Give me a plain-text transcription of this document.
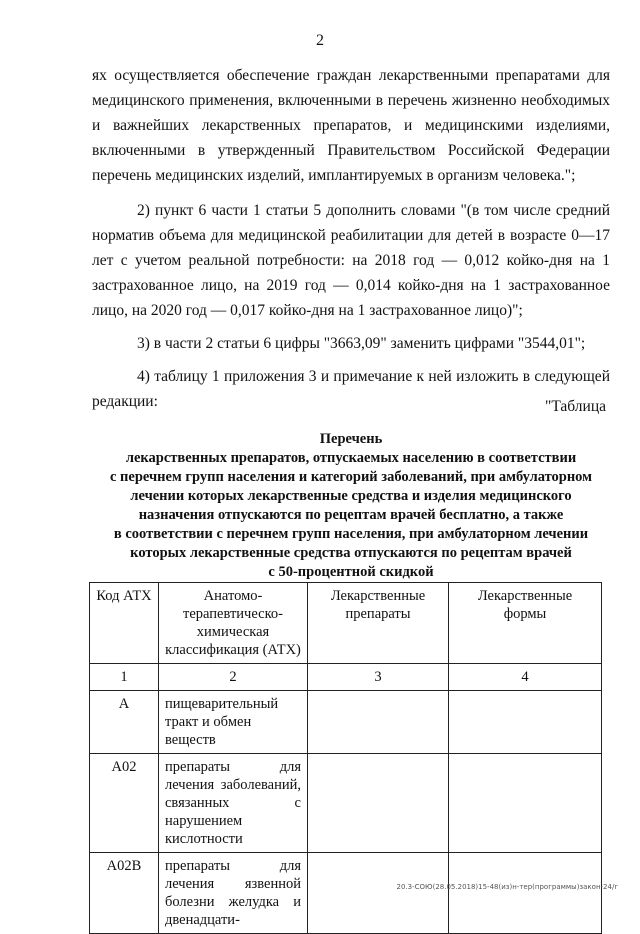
2

ях осуществляется обеспечение граждан лекарственными препаратами для медицинского применения, включенными в перечень жизненно необходимых и важнейших лекарственных препаратов, и медицинскими изделиями, включенными в утвержденный Правительством Российской Федерации перечень медицинских изделий, имплантируемых в организм человека.";

2) пункт 6 части 1 статьи 5 дополнить словами "(в том числе средний норматив объема для медицинской реабилитации для детей в возрасте 0—17 лет с учетом реальной потребности: на 2018 год — 0,012 койко-дня на 1 застрахованное лицо, на 2019 год — 0,014 койко-дня на 1 застрахованное лицо, на 2020 год — 0,017 койко-дня на 1 застрахованное лицо)";

3) в части 2 статьи 6 цифры "3663,09" заменить цифрами "3544,01";

4) таблицу 1 приложения 3 и примечание к ней изложить в следующей редакции:	"Таблица
Перечень
лекарственных препаратов, отпускаемых населению в соответствии
с перечнем групп населения и категорий заболеваний, при амбулаторном
лечении которых лекарственные средства и изделия медицинского
назначения отпускаются по рецептам врачей бесплатно, а также
в соответствии с перечнем групп населения, при амбулаторном лечении
которых лекарственные средства отпускаются по рецептам врачей
с 50-процентной скидкой
Код АТХ	Анатомо-терапевтическо-химическая классификация (АТХ)	Лекарственные препараты	Лекарственные формы
1	2	3	4
A	пищеварительный тракт и обмен веществ		
A02	препараты для лечения заболеваний, связанных с нарушением кислотности		
A02B	препараты для лечения язвенной болезни желудка и двенадцати-		
20.3-СОЮ(28.05.2018)15-48(из)н-тер(программы)закон-24/г
